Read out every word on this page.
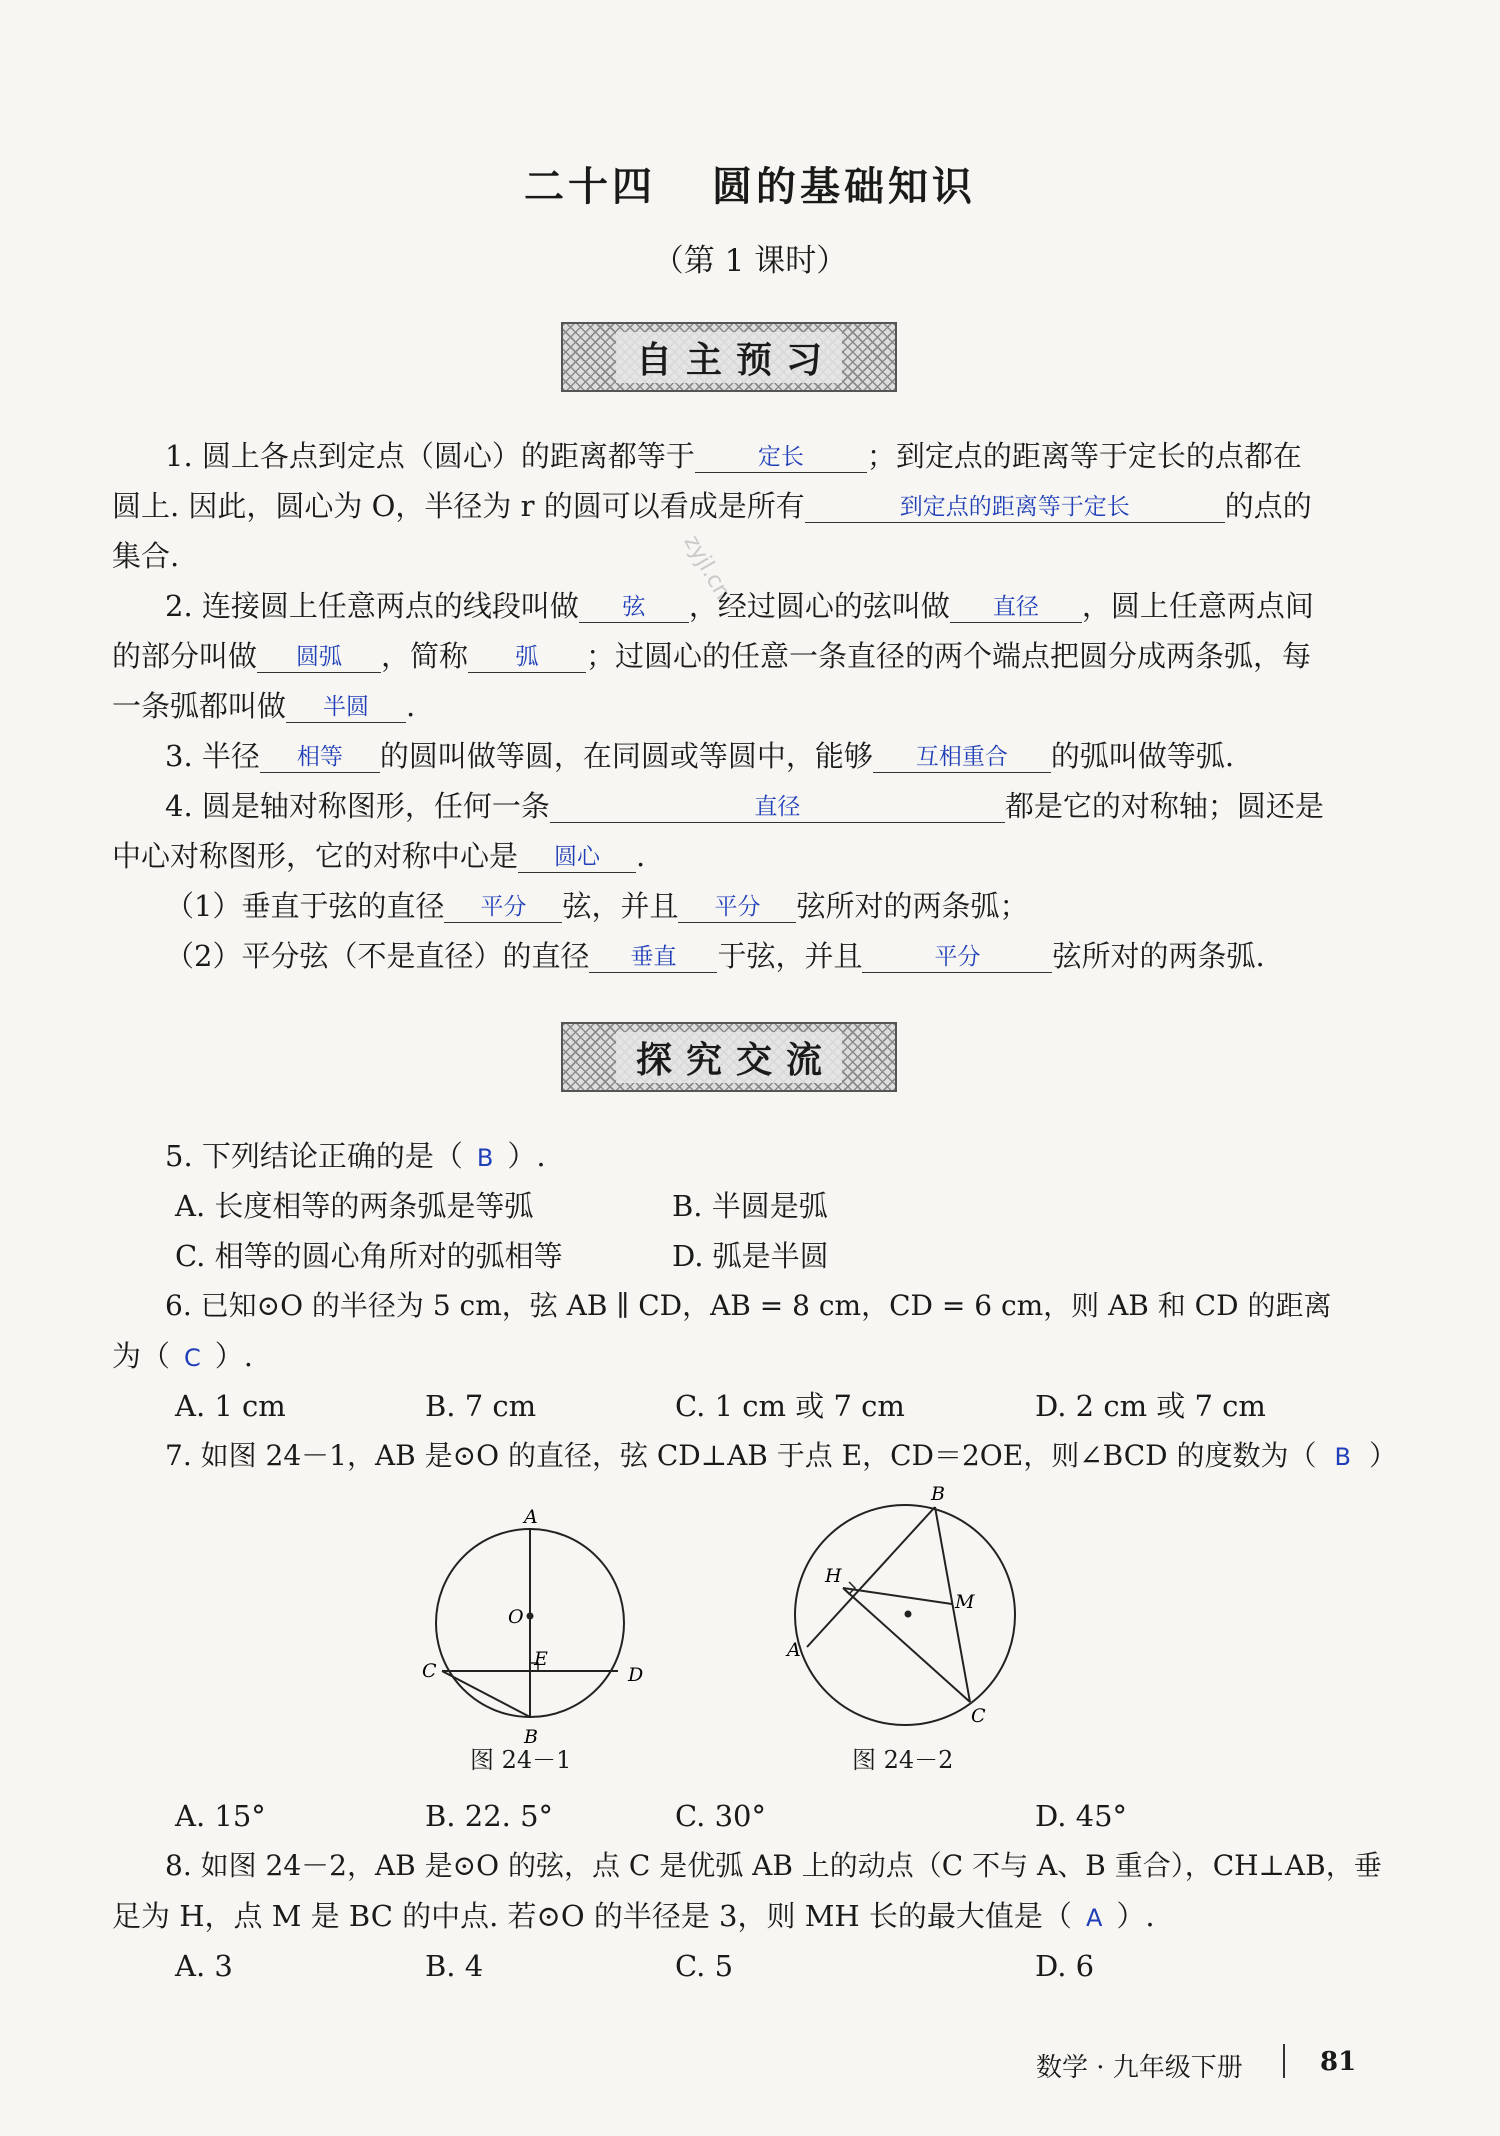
二十四 圆的基础知识
（第 1 课时）
zyjl.cn
自主预习
1. 圆上各点到定点（圆心）的距离都等于	定长 ；到定点的距离等于定长的点都在
圆上. 因此，圆心为 O，半径为 r 的圆可以看成是所有	到定点的距离等于定长	的点的
集合.
2. 连接圆上任意两点的线段叫做 弦 ，经过圆心的弦叫做 直径 ，圆上任意两点间
的部分叫做 圆弧 ，简称 弧 ；过圆心的任意一条直径的两个端点把圆分成两条弧，每
一条弧都叫做 半圆 .
3. 半径 相等 的圆叫做等圆，在同圆或等圆中，能够 互相重合 的弧叫做等弧.
4. 圆是轴对称图形，任何一条	直径	都是它的对称轴；圆还是
中心对称图形，它的对称中心是 圆心 .
（1）垂直于弦的直径 平分 弦，并且 平分 弦所对的两条弧；
（2）平分弦（不是直径）的直径 垂直 于弦，并且	平分 弦所对的两条弧.
探究交流
5. 下列结论正确的是（ B ）.
A. 长度相等的两条弧是等弧	B. 半圆是弧
C. 相等的圆心角所对的弧相等	D. 弧是半圆
6. 已知⊙O 的半径为 5 cm，弦 AB ∥ CD，AB = 8 cm，CD = 6 cm，则 AB 和 CD 的距离
为（ C ）.
A. 1 cm	B. 7 cm	C. 1 cm 或 7 cm	D. 2 cm 或 7 cm
7. 如图 24－1，AB 是⊙O 的直径，弦 CD⊥AB 于点 E，CD＝2OE，则∠BCD 的度数为（ B ）
A
O
E
C	D
B
图 24－1
B
H
M
A
C
图 24－2
A. 15°	B. 22. 5°	C. 30°	D. 45°
8. 如图 24－2，AB 是⊙O 的弦，点 C 是优弧 AB 上的动点（C 不与 A、B 重合），CH⊥AB，垂
足为 H，点 M 是 BC 的中点. 若⊙O 的半径是 3，则 MH 长的最大值是（ A ）.
A. 3	B. 4	C. 5	D. 6
数学 · 九年级下册	81
